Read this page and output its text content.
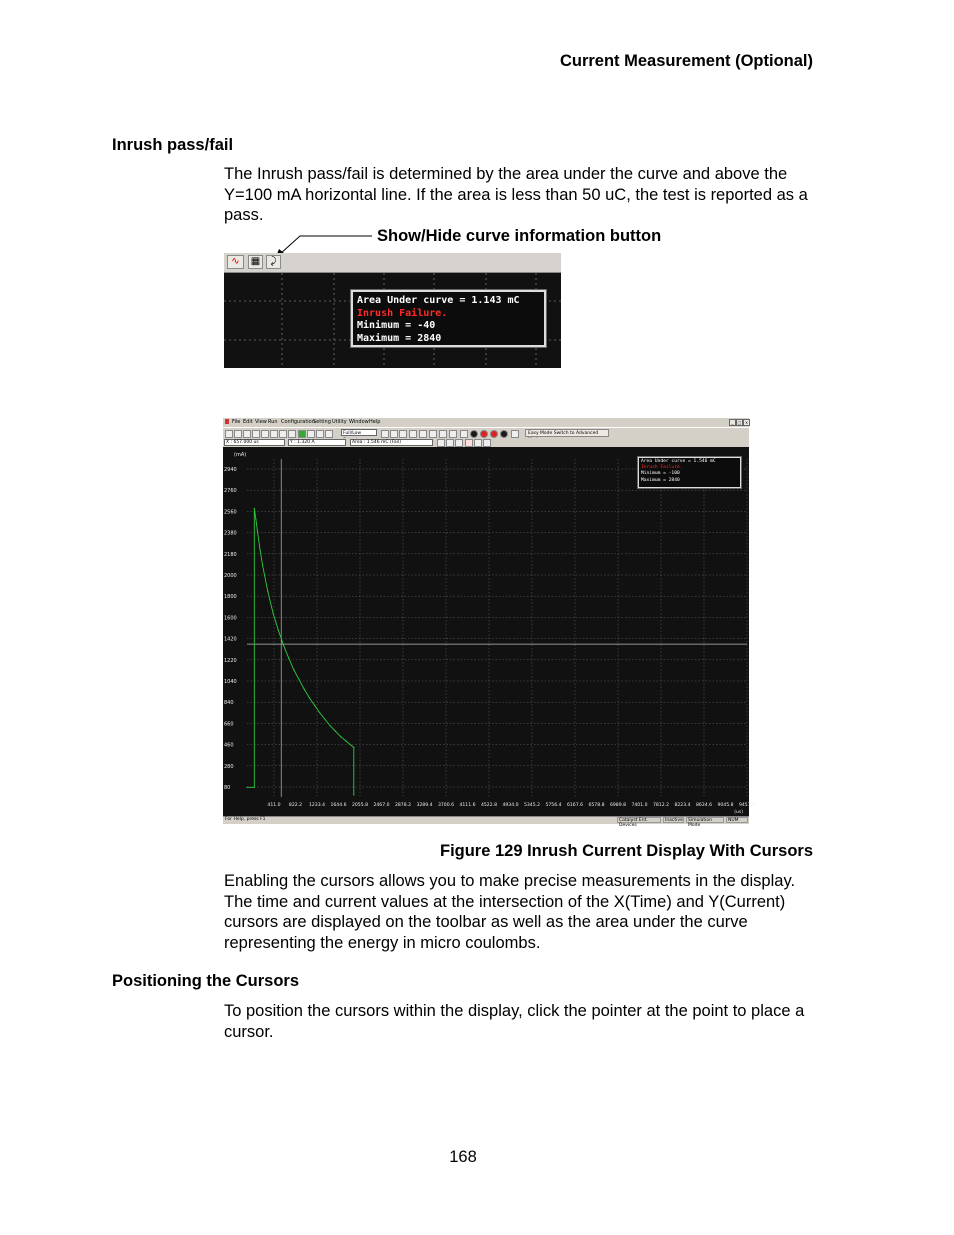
Current Measurement (Optional)
Inrush pass/fail
The Inrush pass/fail is determined by the area under the curve and above the Y=100 mA horizontal line. If the area is less than 50 uC, the test is reported as a pass.
Show/Hide curve information button
∿	▦	⤸
Area Under curve = 1.143 mC
Inrush Failure.
Minimum = -40
Maximum = 2840
File Edit View Run Configuration
Setting Utility Window Help	_	□ ×
Full/Low	Easy Mode Switch to Advanced
X : 657.000 us	Y : 1.320 A	Area : 1.546 mC (Fail)
2940
2760
2560
2380
2180
2000
1800
1600
1420
1220
1040
840
660
460
280
80
411.0 822.2 1233.4 1644.6 2055.8 2467.0 2878.2 3289.4 3700.6 4111.6 4522.8 4934.0 5345.2 5756.4 6167.6 6578.8 6989.8 7401.0 7812.2 8223.4 8634.6 9045.8 9457.0
(mA)
(us)
Area Under curve = 1.546 mC
Inrush Failure.
Minimum = -100
Maximum = 2840
For Help, press F1	Catalyst Ent. Devices
Inactive Simulation Mode
NUM
Figure 129 Inrush Current Display With Cursors
Enabling the cursors allows you to make precise measurements in the display. The time and current values at the intersection of the X(Time) and Y(Current) cursors are displayed on the toolbar as well as the area under the curve representing the energy in micro coulombs.
Positioning the Cursors
To position the cursors within the display, click the pointer at the point to place a cursor.
168
